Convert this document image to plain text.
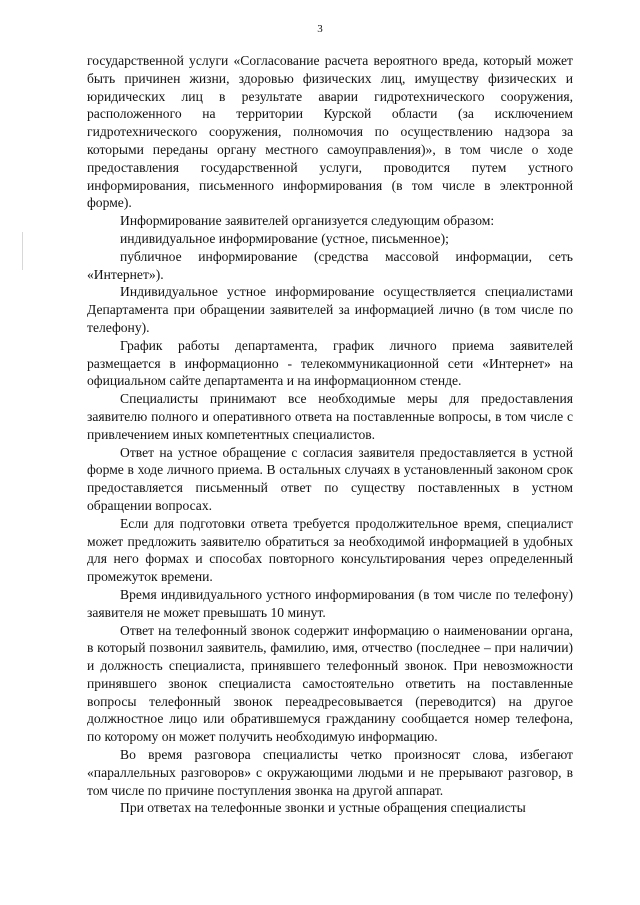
3

государственной услуги «Согласование расчета вероятного вреда, который может быть причинен жизни, здоровью физических лиц, имуществу физических и юридических лиц в результате аварии гидротехнического сооружения, расположенного на территории Курской области (за исключением гидротехнического сооружения, полномочия по осуществлению надзора за которыми переданы органу местного самоуправления)», в том числе о ходе предоставления государственной услуги, проводится путем устного информирования, письменного информирования (в том числе в электронной форме).

Информирование заявителей организуется следующим образом:

индивидуальное информирование (устное, письменное);

публичное информирование (средства массовой информации, сеть «Интернет»).

Индивидуальное устное информирование осуществляется специалистами Департамента при обращении заявителей за информацией лично (в том числе по телефону).

График работы департамента, график личного приема заявителей размещается в информационно - телекоммуникационной сети «Интернет» на официальном сайте департамента и на информационном стенде.

Специалисты принимают все необходимые меры для предоставления заявителю полного и оперативного ответа на поставленные вопросы, в том числе с привлечением иных компетентных специалистов.

Ответ на устное обращение с согласия заявителя предоставляется в устной форме в ходе личного приема. В остальных случаях в установленный законом срок предоставляется письменный ответ по существу поставленных в устном обращении вопросах.

Если для подготовки ответа требуется продолжительное время, специалист может предложить заявителю обратиться за необходимой информацией в удобных для него формах и способах повторного консультирования через определенный промежуток времени.

Время индивидуального устного информирования (в том числе по телефону) заявителя не может превышать 10 минут.

Ответ на телефонный звонок содержит информацию о наименовании органа, в который позвонил заявитель, фамилию, имя, отчество (последнее – при наличии) и должность специалиста, принявшего телефонный звонок. При невозможности принявшего звонок специалиста самостоятельно ответить на поставленные вопросы телефонный звонок переадресовывается (переводится) на другое должностное лицо или обратившемуся гражданину сообщается номер телефона, по которому он может получить необходимую информацию.

Во время разговора специалисты четко произносят слова, избегают «параллельных разговоров» с окружающими людьми и не прерывают разговор, в том числе по причине поступления звонка на другой аппарат.

При ответах на телефонные звонки и устные обращения специалисты
